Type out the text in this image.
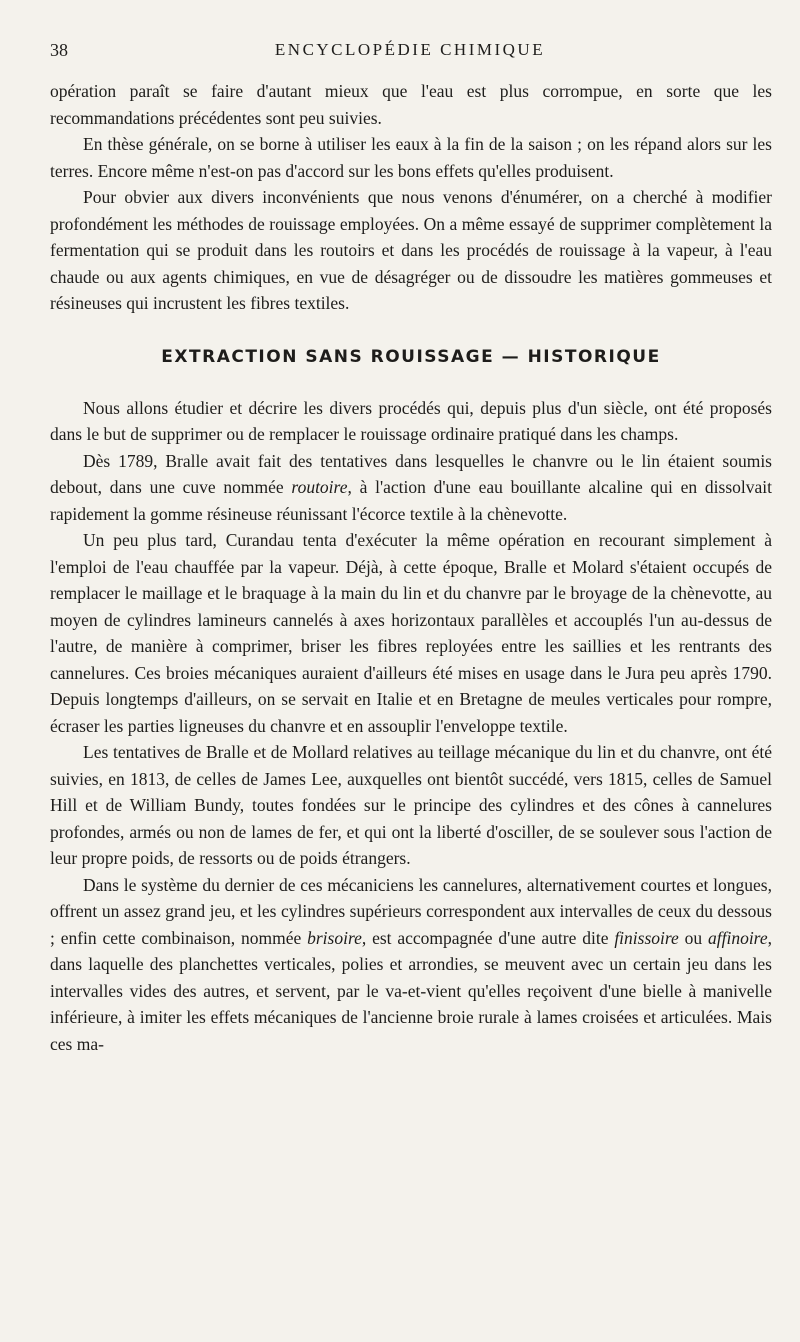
38	ENCYCLOPÉDIE CHIMIQUE

opération paraît se faire d'autant mieux que l'eau est plus corrompue, en sorte que les recommandations précédentes sont peu suivies.

En thèse générale, on se borne à utiliser les eaux à la fin de la saison ; on les répand alors sur les terres. Encore même n'est-on pas d'accord sur les bons effets qu'elles produisent.

Pour obvier aux divers inconvénients que nous venons d'énumérer, on a cherché à modifier profondément les méthodes de rouissage employées. On a même essayé de supprimer complètement la fermentation qui se produit dans les routoirs et dans les procédés de rouissage à la vapeur, à l'eau chaude ou aux agents chimiques, en vue de désagréger ou de dissoudre les matières gommeuses et résineuses qui incrustent les fibres textiles.

EXTRACTION SANS ROUISSAGE — HISTORIQUE

Nous allons étudier et décrire les divers procédés qui, depuis plus d'un siècle, ont été proposés dans le but de supprimer ou de remplacer le rouissage ordinaire pratiqué dans les champs.

Dès 1789, Bralle avait fait des tentatives dans lesquelles le chanvre ou le lin étaient soumis debout, dans une cuve nommée routoire, à l'action d'une eau bouillante alcaline qui en dissolvait rapidement la gomme résineuse réunissant l'écorce textile à la chènevotte.

Un peu plus tard, Curandau tenta d'exécuter la même opération en recourant simplement à l'emploi de l'eau chauffée par la vapeur. Déjà, à cette époque, Bralle et Molard s'étaient occupés de remplacer le maillage et le braquage à la main du lin et du chanvre par le broyage de la chènevotte, au moyen de cylindres lamineurs cannelés à axes horizontaux parallèles et accouplés l'un au-dessus de l'autre, de manière à comprimer, briser les fibres reployées entre les saillies et les rentrants des cannelures. Ces broies mécaniques auraient d'ailleurs été mises en usage dans le Jura peu après 1790. Depuis longtemps d'ailleurs, on se servait en Italie et en Bretagne de meules verticales pour rompre, écraser les parties ligneuses du chanvre et en assouplir l'enveloppe textile.

Les tentatives de Bralle et de Mollard relatives au teillage mécanique du lin et du chanvre, ont été suivies, en 1813, de celles de James Lee, auxquelles ont bientôt succédé, vers 1815, celles de Samuel Hill et de William Bundy, toutes fondées sur le principe des cylindres et des cônes à cannelures profondes, armés ou non de lames de fer, et qui ont la liberté d'osciller, de se soulever sous l'action de leur propre poids, de ressorts ou de poids étrangers.

Dans le système du dernier de ces mécaniciens les cannelures, alternativement courtes et longues, offrent un assez grand jeu, et les cylindres supérieurs correspondent aux intervalles de ceux du dessous ; enfin cette combinaison, nommée brisoire, est accompagnée d'une autre dite finissoire ou affinoire, dans laquelle des planchettes verticales, polies et arrondies, se meuvent avec un certain jeu dans les intervalles vides des autres, et servent, par le va-et-vient qu'elles reçoivent d'une bielle à manivelle inférieure, à imiter les effets mécaniques de l'ancienne broie rurale à lames croisées et articulées. Mais ces ma-
